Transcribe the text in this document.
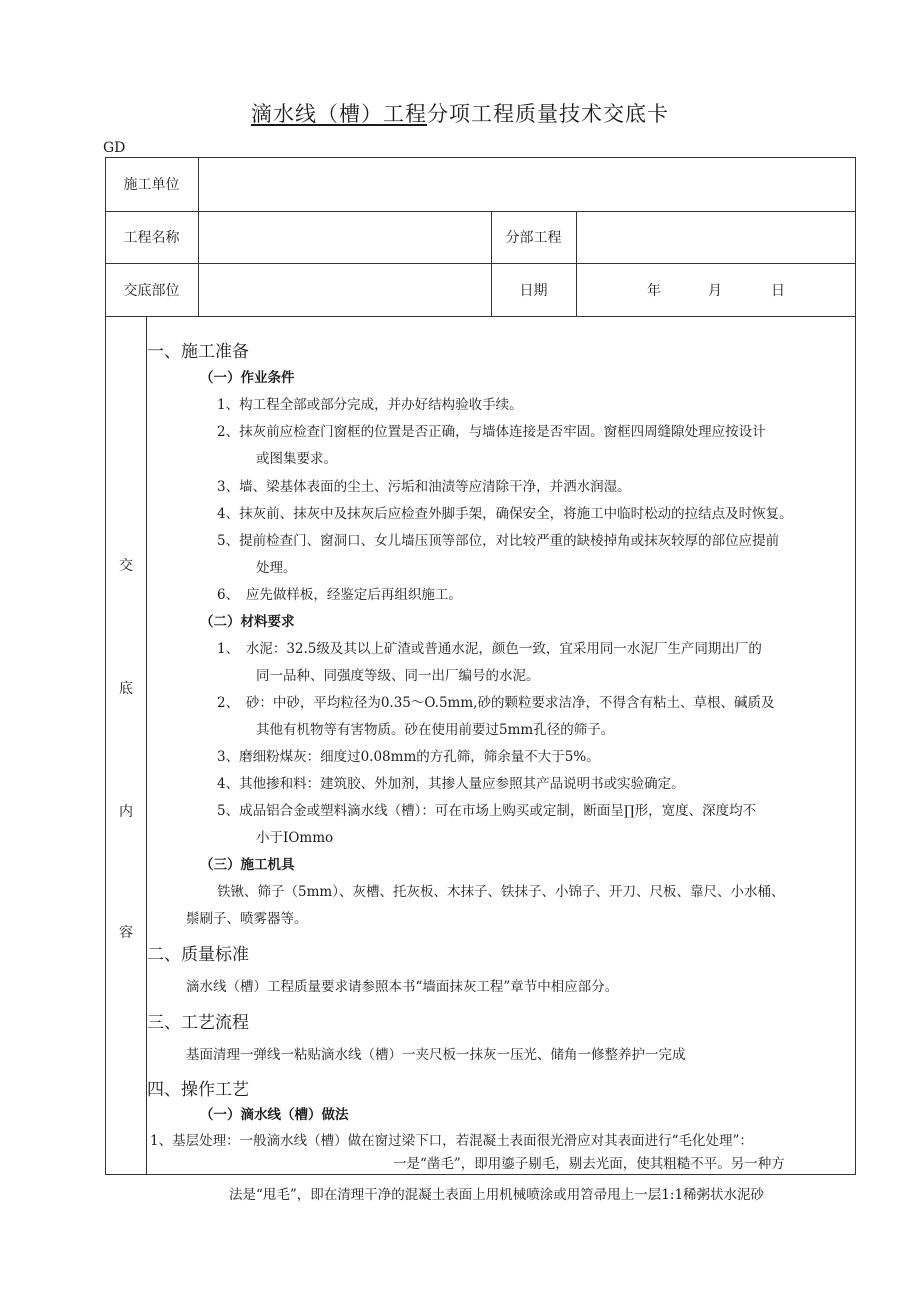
滴水线（槽）工程分项工程质量技术交底卡
GD
施工单位
工程名称	分部工程
交底部位	日期	年	月	日
交
底
内
容
一、施工准备
（一）作业条件
1、构工程全部或部分完成，并办好结构验收手续。
2、抹灰前应检查门窗框的位置是否正确，与墙体连接是否牢固。窗框四周缝隙处理应按设计
或图集要求。
3、墙、梁基体表面的尘土、污垢和油渍等应清除干净，并洒水润湿。
4、抹灰前、抹灰中及抹灰后应检查外脚手架，确保安全，将施工中临时松动的拉结点及时恢复。
5、提前检查门、窗洞口、女儿墙压顶等部位，对比较严重的缺棱掉角或抹灰较厚的部位应提前
处理。
6、　应先做样板，经鉴定后再组织施工。
（二）材料要求
1、　水泥：32.5级及其以上矿渣或普通水泥，颜色一致，宜采用同一水泥厂生产同期出厂的
同一品种、同强度等级、同一出厂编号的水泥。
2、　砂：中砂，平均粒径为0.35～O.5mm,砂的颗粒要求洁净，不得含有粘土、草根、碱质及
其他有机物等有害物质。砂在使用前要过5mm孔径的筛子。
3、磨细粉煤灰：细度过0.08mm的方孔筛，筛余量不大于5%。
4、其他掺和料：建筑胶、外加剂，其掺人量应参照其产品说明书或实验确定。
5、成品铝合金或塑料滴水线（槽）：可在市场上购买或定制，断面呈∏形，宽度、深度均不
小于IOmmo
（三）施工机具
铁锹、筛子（5mm）、灰槽、托灰板、木抹子、铁抹子、小锦子、开刀、尺板、靠尺、小水桶、
鬃刷子、喷雾器等。
二、质量标准
滴水线（槽）工程质量要求请参照本书“墙面抹灰工程”章节中相应部分。
三、工艺流程
基面清理一弹线一粘贴滴水线（槽）一夹尺板一抹灰一压光、储角一修整养护一完成
四、操作工艺
（一）滴水线（槽）做法
1、基层处理：一般滴水线（槽）做在窗过梁下口，若混凝土表面很光滑应对其表面进行“毛化处理”：
一是“凿毛”，即用鎏子剔毛，剔去光面，使其粗糙不平。另一种方
法是“甩毛”，即在清理干净的混凝土表面上用机械喷涂或用笤帚甩上一层1:1稀粥状水泥砂
